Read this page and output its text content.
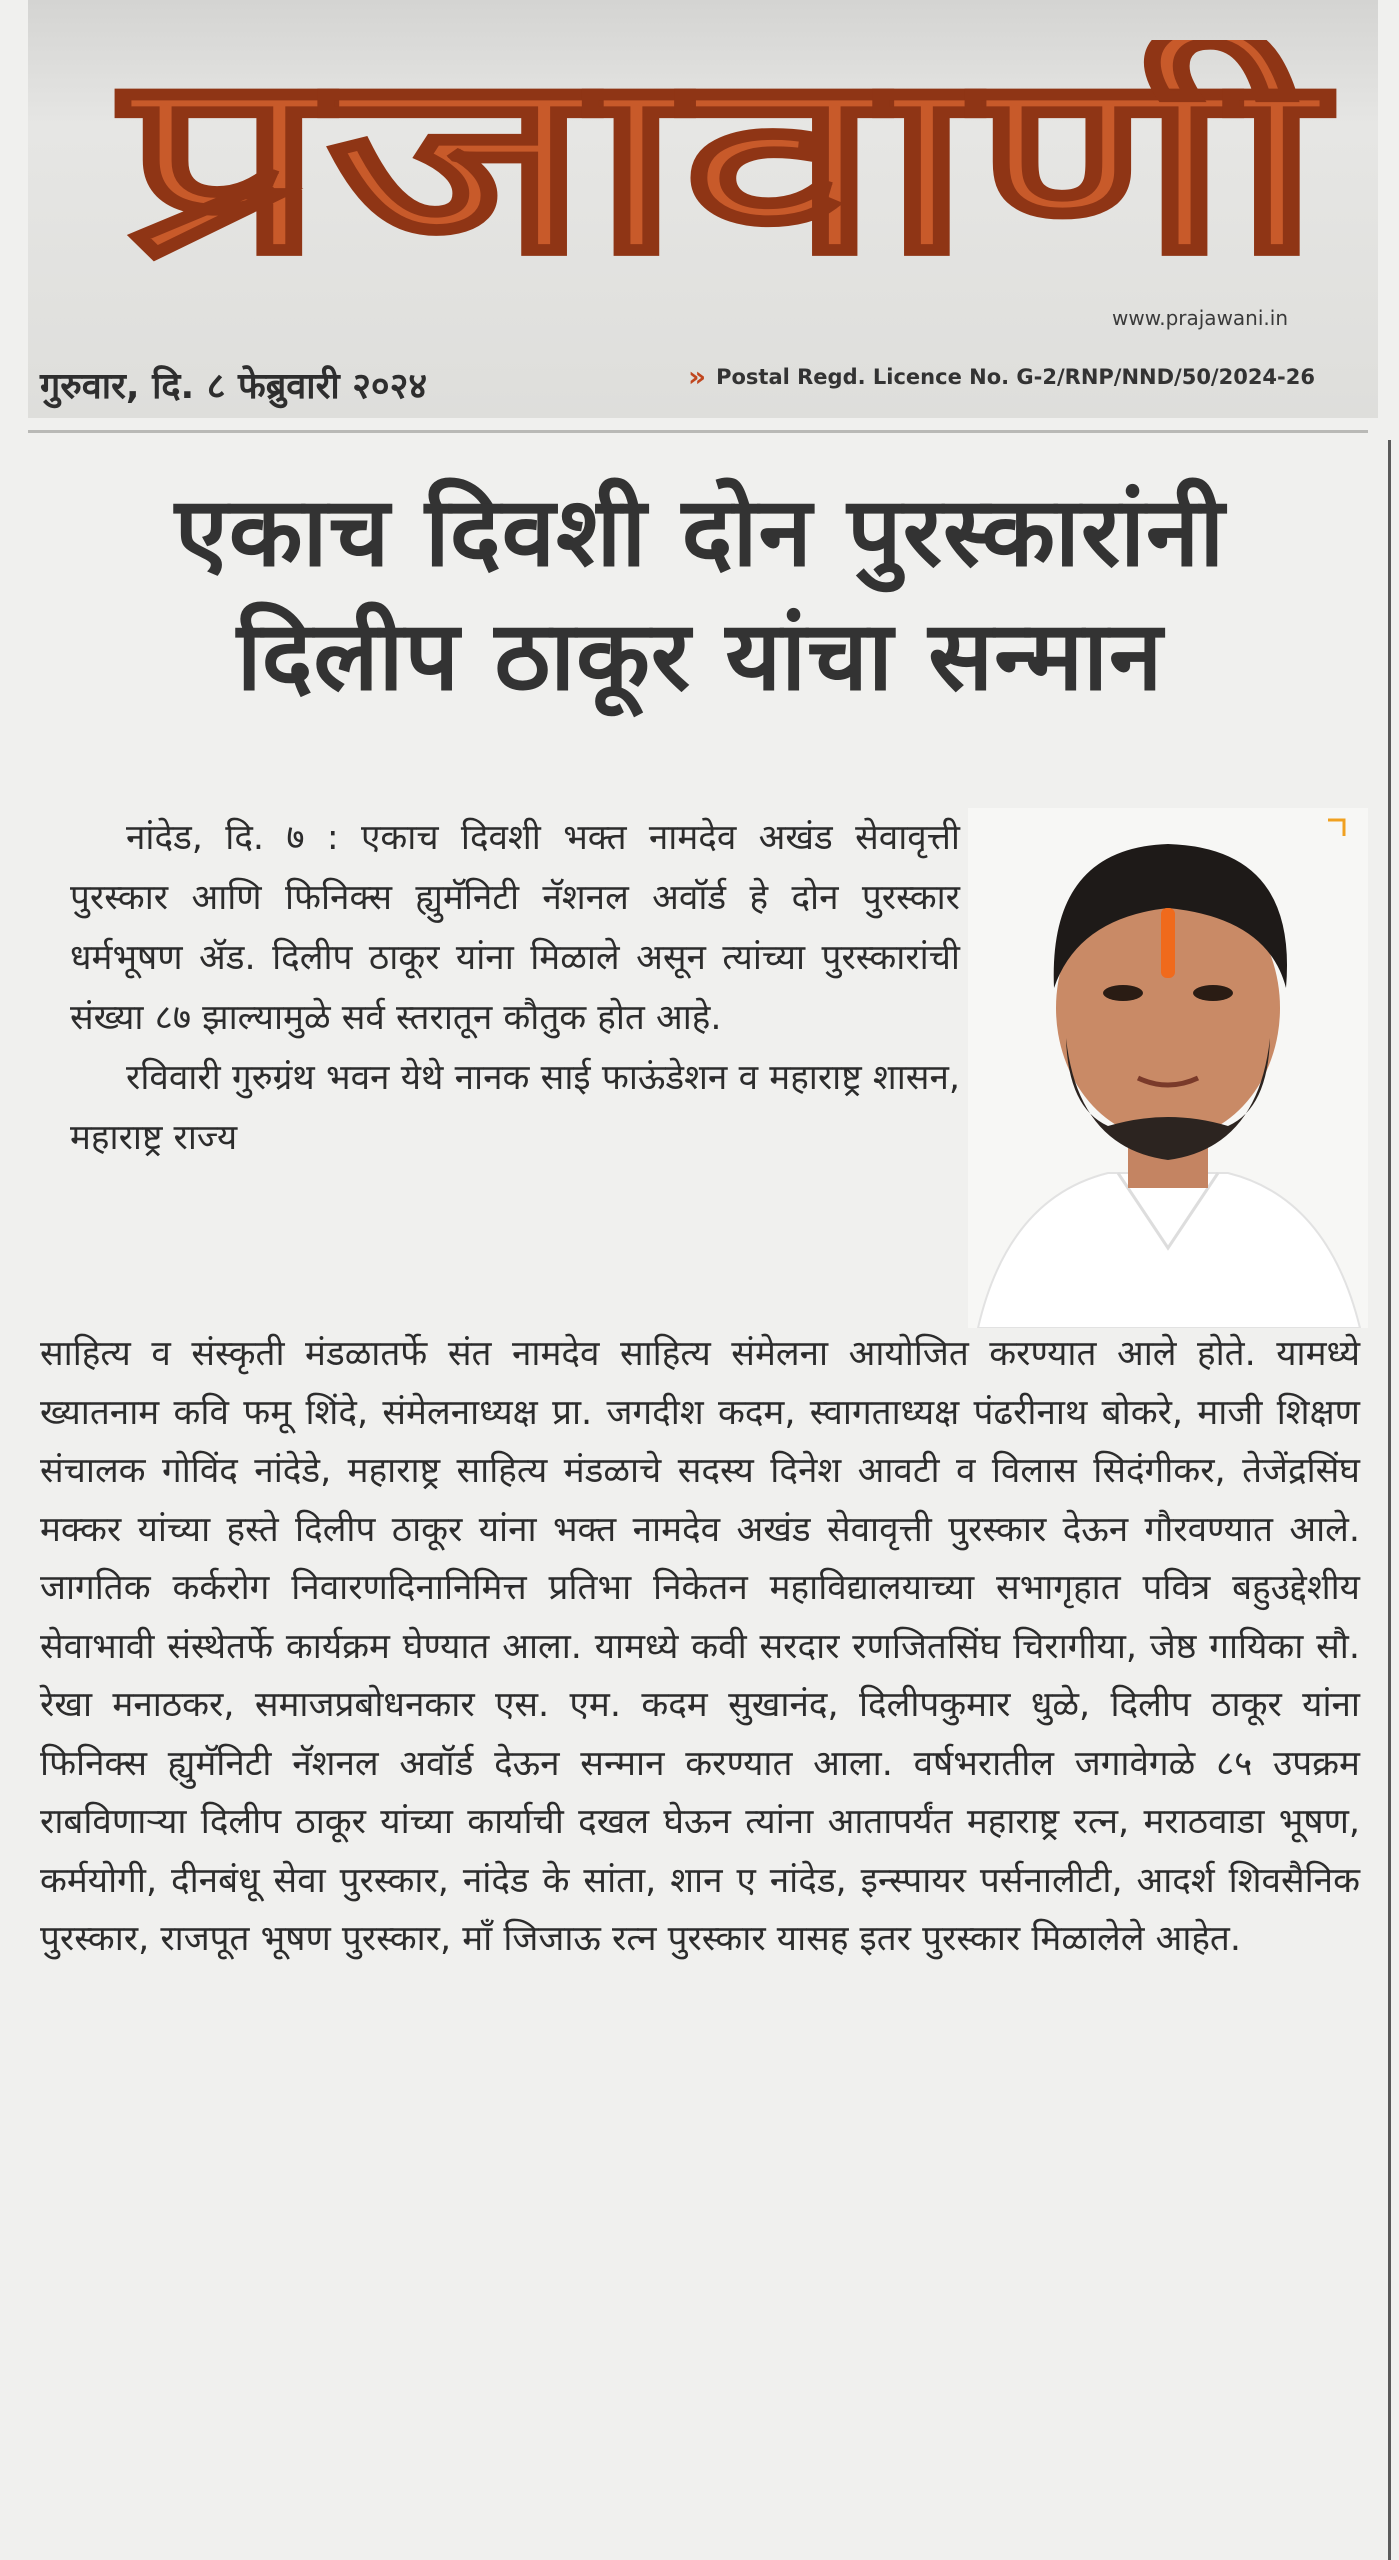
प्रजावाणी
www.prajawani.in
गुरुवार, दि. ८ फेब्रुवारी २०२४	» Postal Regd. Licence No. G-2/RNP/NND/50/2024-26
एकाच दिवशी दोन पुरस्कारांनी
दिलीप ठाकूर यांचा सन्मान
नांदेड, दि. ७ : एकाच दिवशी भक्त नामदेव अखंड सेवावृत्ती पुरस्कार आणि फिनिक्स ह्युमॅनिटी नॅशनल अवॉर्ड हे दोन पुरस्कार धर्मभूषण ॲड. दिलीप ठाकूर यांना मिळाले असून त्यांच्या पुरस्कारांची संख्या ८७ झाल्यामुळे सर्व स्तरातून कौतुक होत आहे.
रविवारी गुरुग्रंथ भवन येथे नानक साई फाऊंडेशन व महाराष्ट्र शासन, महाराष्ट्र राज्य
साहित्य व संस्कृती मंडळातर्फे संत नामदेव साहित्य संमेलना आयोजित करण्यात आले होते. यामध्ये ख्यातनाम कवि फमू शिंदे, संमेलनाध्यक्ष प्रा. जगदीश कदम, स्वागताध्यक्ष पंढरीनाथ बोकरे, माजी शिक्षण संचालक गोविंद नांदेडे, महाराष्ट्र साहित्य मंडळाचे सदस्य दिनेश आवटी व विलास सिदंगीकर, तेजेंद्रसिंघ मक्कर यांच्या हस्ते दिलीप ठाकूर यांना भक्त नामदेव अखंड सेवावृत्ती पुरस्कार देऊन गौरवण्यात आले. जागतिक कर्करोग निवारणदिनानिमित्त प्रतिभा निकेतन महाविद्यालयाच्या सभागृहात पवित्र बहुउद्देशीय सेवाभावी संस्थेतर्फे कार्यक्रम घेण्यात आला. यामध्ये कवी सरदार रणजितसिंघ चिरागीया, जेष्ठ गायिका सौ. रेखा मनाठकर, समाजप्रबोधनकार एस. एम. कदम सुखानंद, दिलीपकुमार धुळे, दिलीप ठाकूर यांना फिनिक्स ह्युमॅनिटी नॅशनल अवॉर्ड देऊन सन्मान करण्यात आला. वर्षभरातील जगावेगळे ८५ उपक्रम राबविणाऱ्या दिलीप ठाकूर यांच्या कार्याची दखल घेऊन त्यांना आतापर्यंत महाराष्ट्र रत्न, मराठवाडा भूषण, कर्मयोगी, दीनबंधू सेवा पुरस्कार, नांदेड के सांता, शान ए नांदेड, इन्स्पायर पर्सनालीटी, आदर्श शिवसैनिक पुरस्कार, राजपूत भूषण पुरस्कार, माँ जिजाऊ रत्न पुरस्कार यासह इतर पुरस्कार मिळालेले आहेत.
